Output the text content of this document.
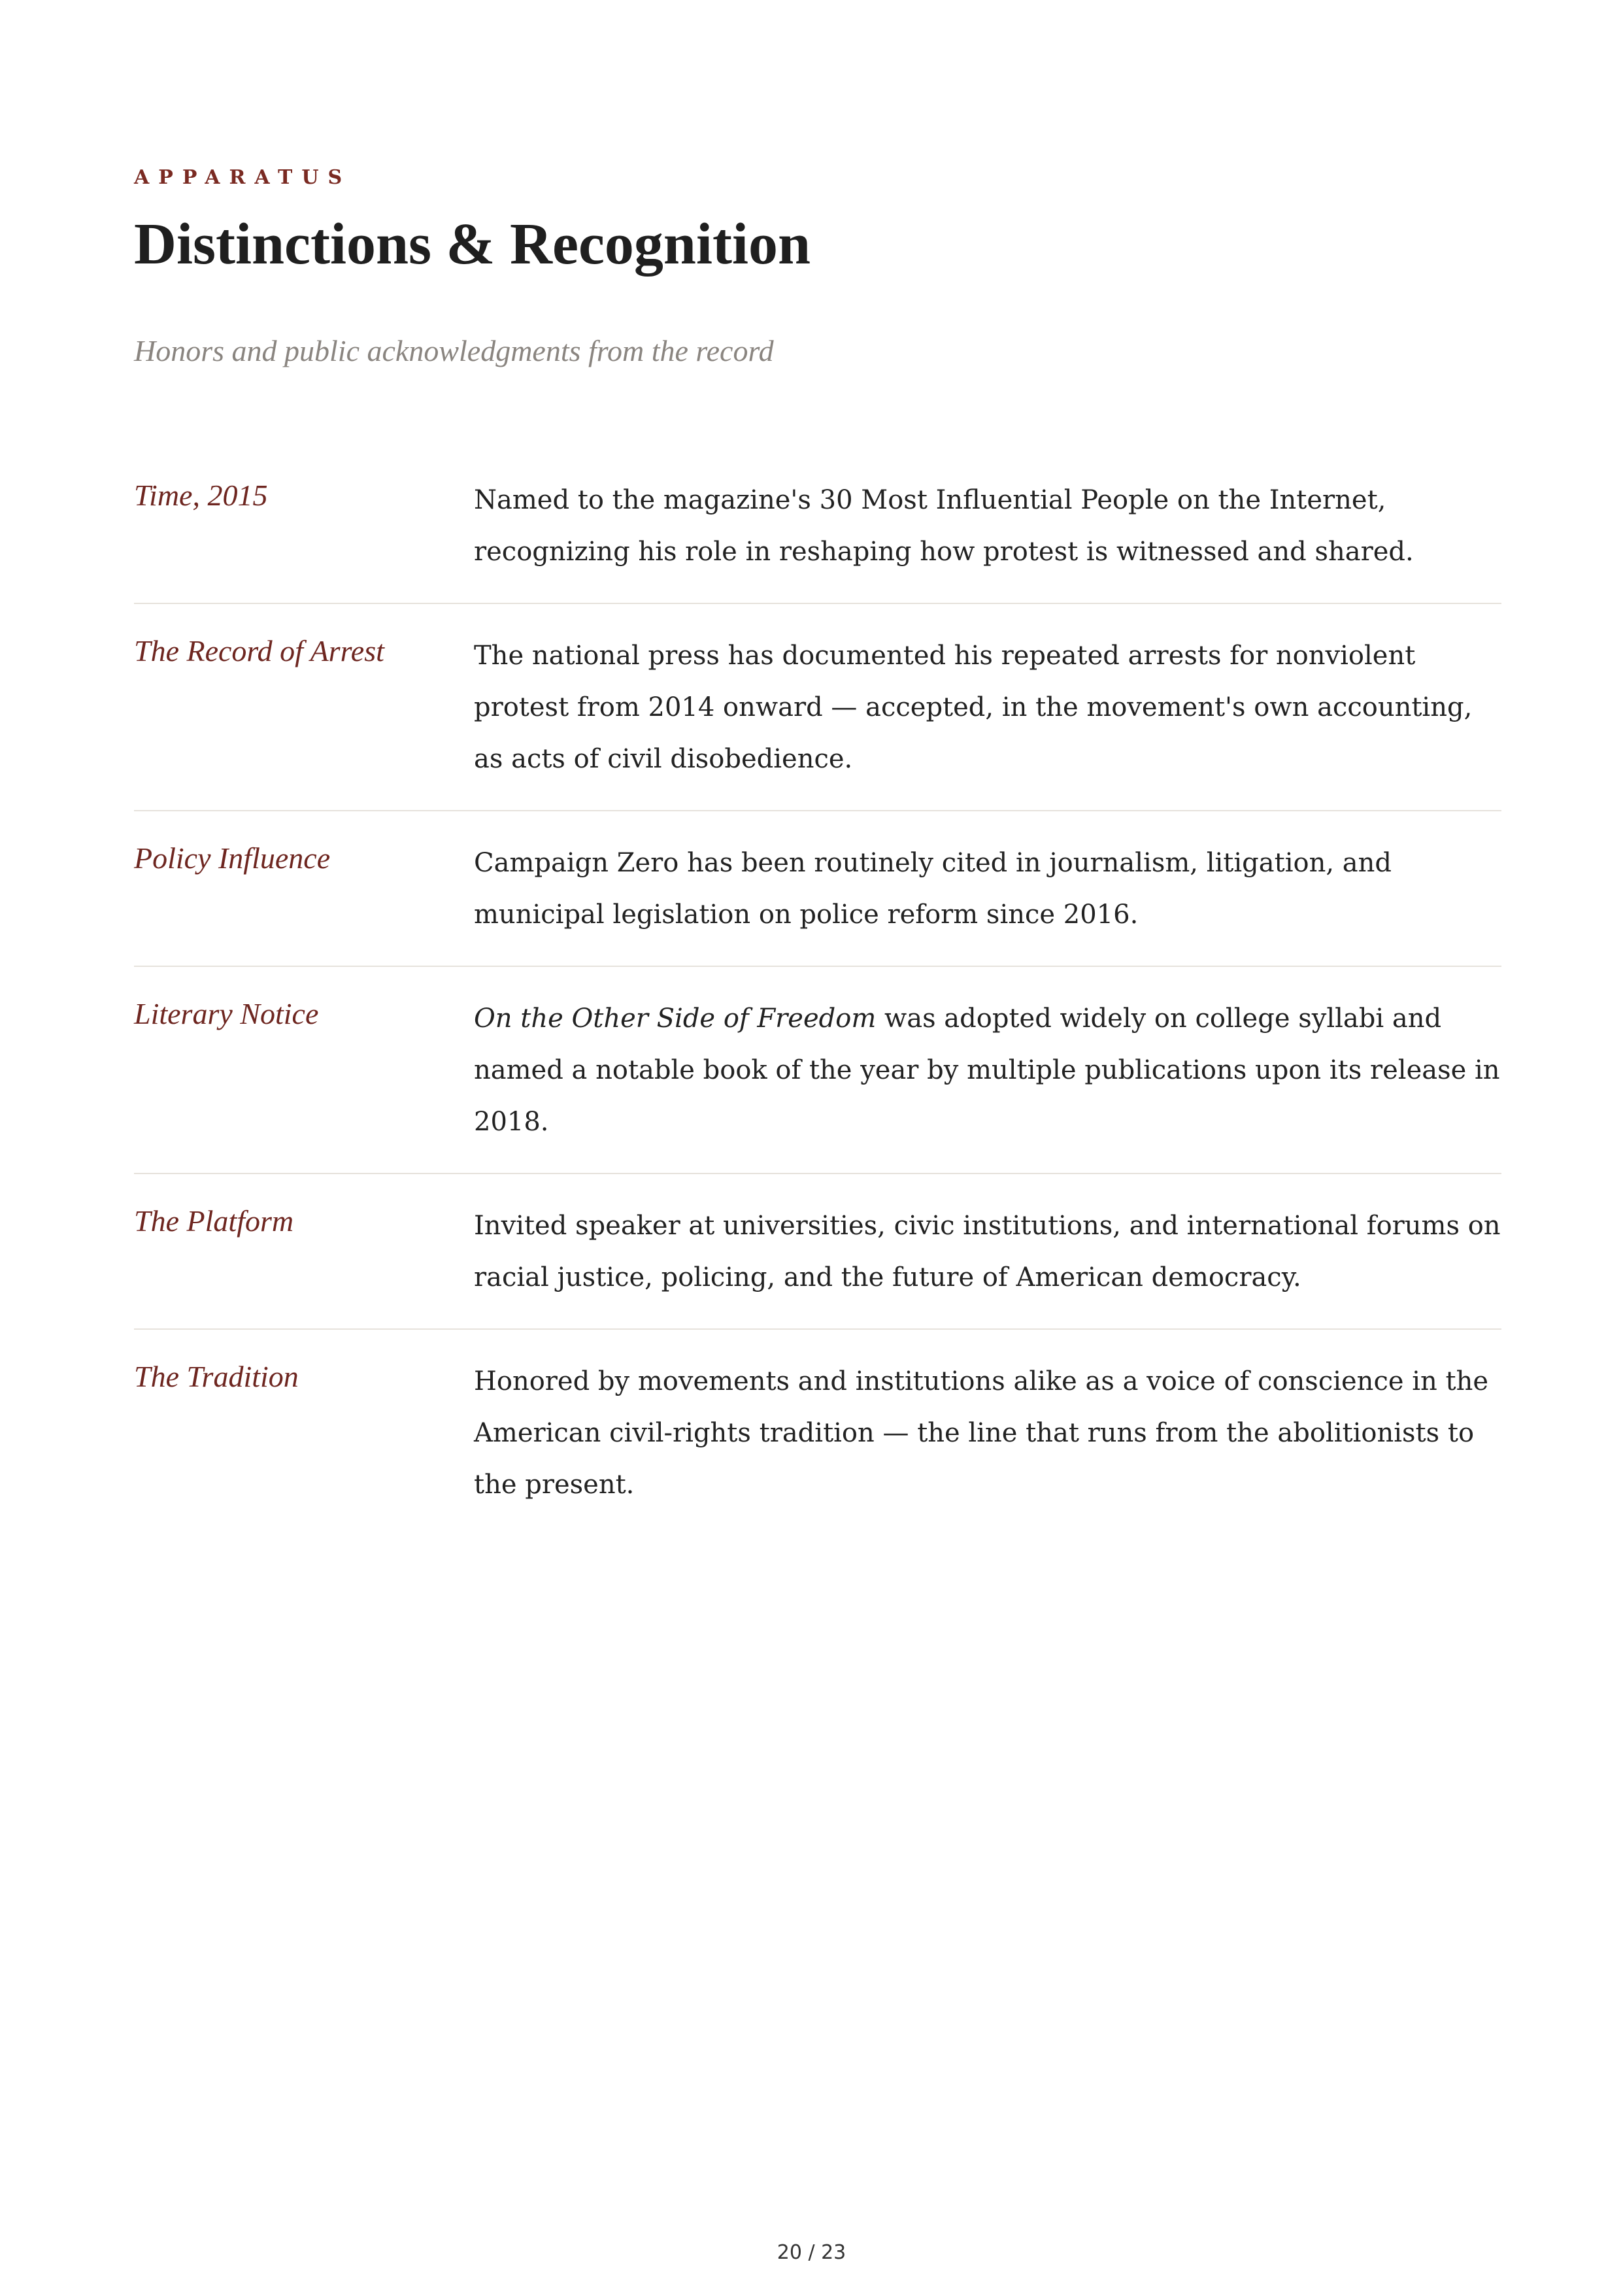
APPARATUS
Distinctions & Recognition
Honors and public acknowledgments from the record
Time, 2015	Named to the magazine's 30 Most Influential People on the Internet, recognizing his role in reshaping how protest is witnessed and shared.
The Record of Arrest	The national press has documented his repeated arrests for nonviolent protest from 2014 onward — accepted, in the movement's own accounting, as acts of civil disobedience.
Policy Influence	Campaign Zero has been routinely cited in journalism, litigation, and municipal legislation on police reform since 2016.
Literary Notice	On the Other Side of Freedom was adopted widely on college syllabi and named a notable book of the year by multiple publications upon its release in 2018.
The Platform	Invited speaker at universities, civic institutions, and international forums on racial justice, policing, and the future of American democracy.
The Tradition	Honored by movements and institutions alike as a voice of conscience in the American civil-rights tradition — the line that runs from the abolitionists to the present.
20 / 23
